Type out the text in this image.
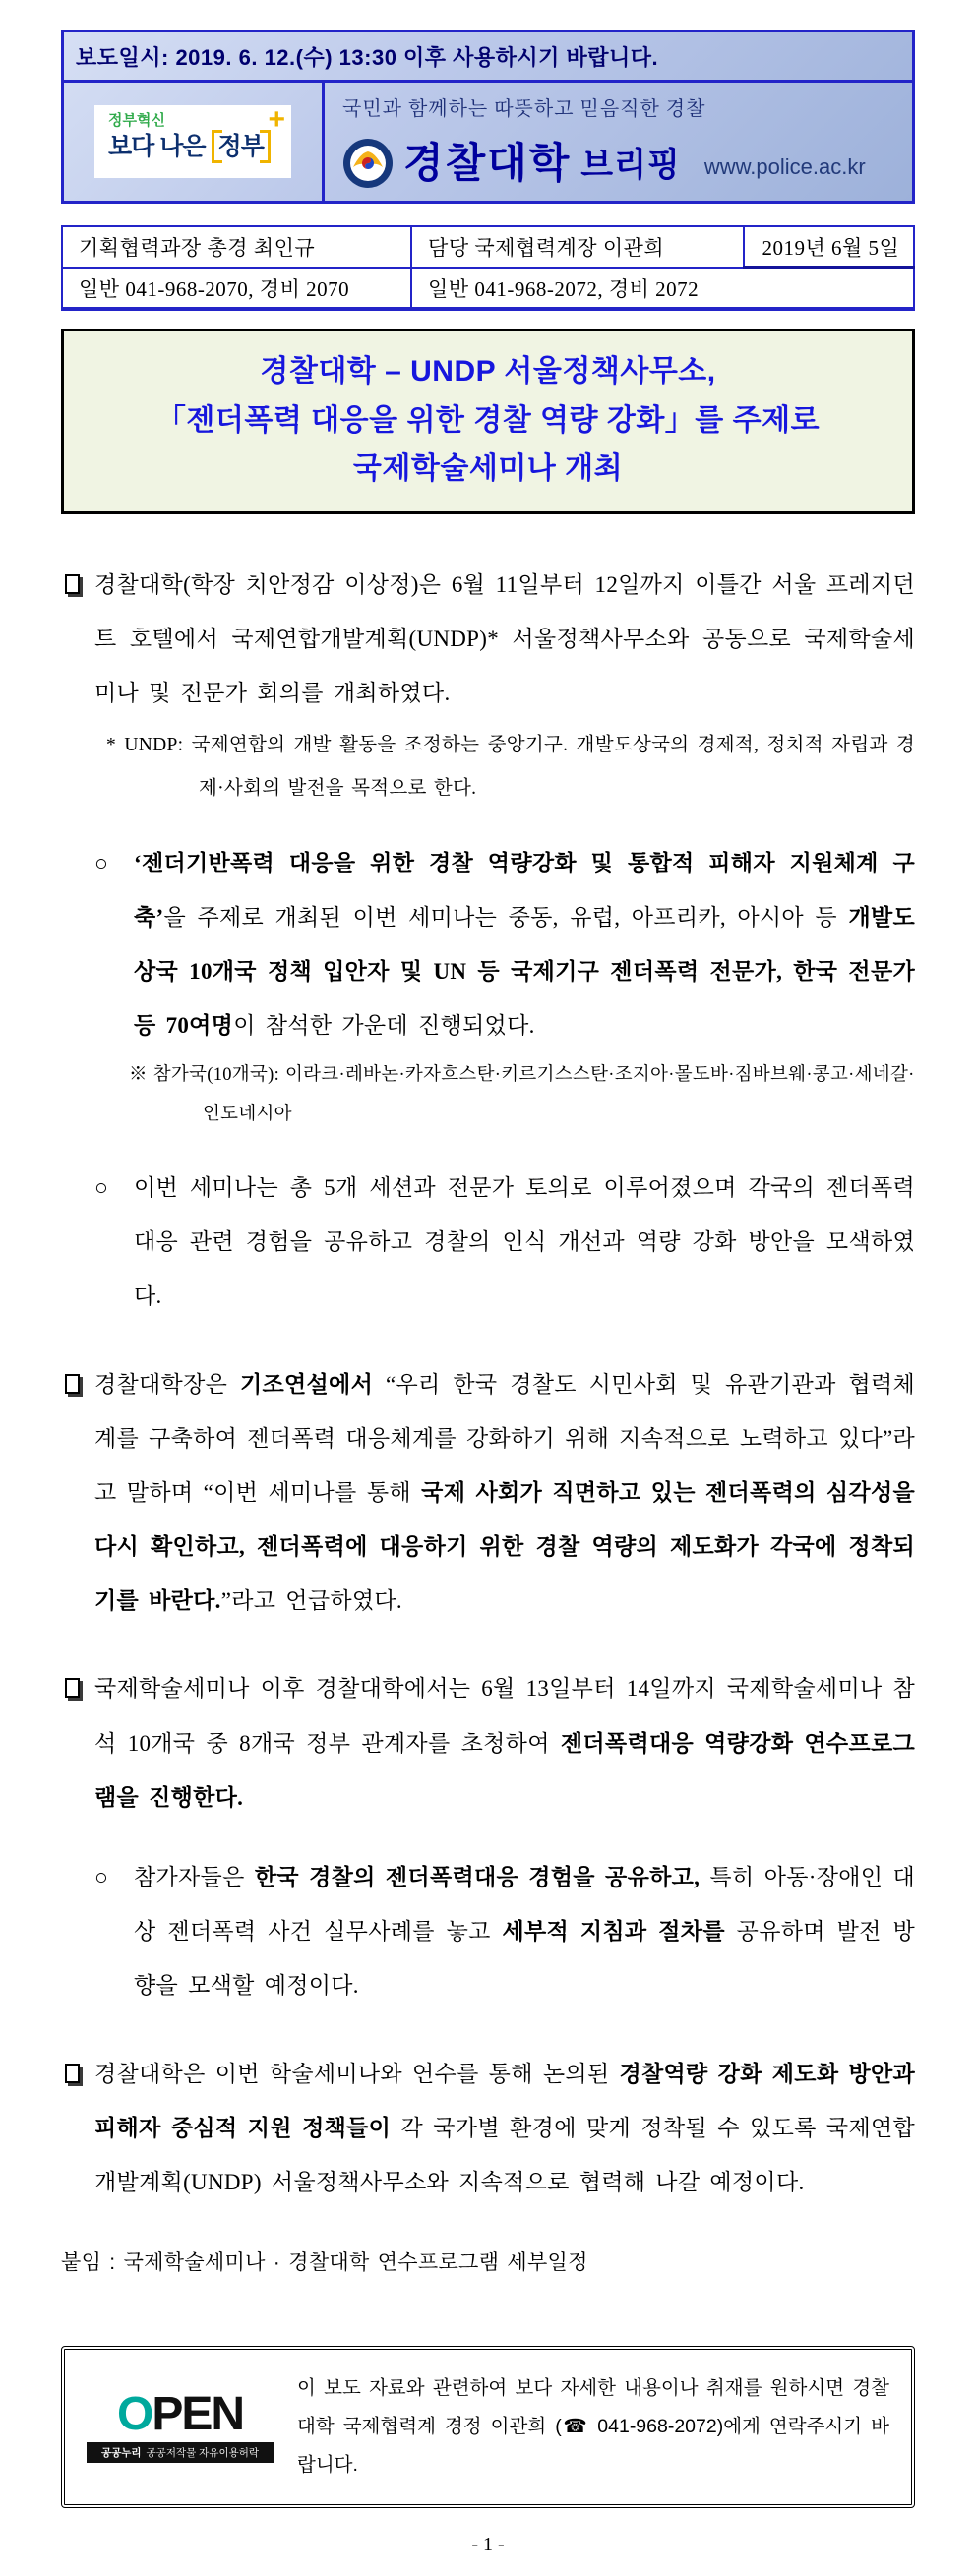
보도일시: 2019. 6. 12.(수) 13:30 이후 사용하시기 바랍니다.
정부혁신
보다 나은 정부
+	국민과 함께하는 따뜻하고 믿음직한 경찰
경찰대학 브리핑 www.police.ac.kr
기획협력과장 총경 최인규	담당 국제협력계장 이관희	2019년 6월 5일
일반 041-968-2070, 경비 2070	일반 041-968-2072, 경비 2072	
경찰대학 – UNDP 서울정책사무소,
「젠더폭력 대응을 위한 경찰 역량 강화」를 주제로
국제학술세미나 개최
경찰대학(학장 치안정감 이상정)은 6월 11일부터 12일까지 이틀간 서울 프레지던트 호텔에서 국제연합개발계획(UNDP)* 서울정책사무소와 공동으로 국제학술세미나 및 전문가 회의를 개최하였다.
* UNDP: 국제연합의 개발 활동을 조정하는 중앙기구. 개발도상국의 경제적, 정치적 자립과 경제·사회의 발전을 목적으로 한다.
○ ‘젠더기반폭력 대응을 위한 경찰 역량강화 및 통합적 피해자 지원체계 구축’을 주제로 개최된 이번 세미나는 중동, 유럽, 아프리카, 아시아 등 개발도상국 10개국 정책 입안자 및 UN 등 국제기구 젠더폭력 전문가, 한국 전문가 등 70여명이 참석한 가운데 진행되었다.
※ 참가국(10개국): 이라크·레바논·카자흐스탄·키르기스스탄·조지아·몰도바·짐바브웨·콩고·세네갈·인도네시아
○ 이번 세미나는 총 5개 세션과 전문가 토의로 이루어졌으며 각국의 젠더폭력 대응 관련 경험을 공유하고 경찰의 인식 개선과 역량 강화 방안을 모색하였다.
경찰대학장은 기조연설에서 “우리 한국 경찰도 시민사회 및 유관기관과 협력체계를 구축하여 젠더폭력 대응체계를 강화하기 위해 지속적으로 노력하고 있다”라고 말하며 “이번 세미나를 통해 국제 사회가 직면하고 있는 젠더폭력의 심각성을 다시 확인하고, 젠더폭력에 대응하기 위한 경찰 역량의 제도화가 각국에 정착되기를 바란다.”라고 언급하였다.
국제학술세미나 이후 경찰대학에서는 6월 13일부터 14일까지 국제학술세미나 참석 10개국 중 8개국 정부 관계자를 초청하여 젠더폭력대응 역량강화 연수프로그램을 진행한다.
○ 참가자들은 한국 경찰의 젠더폭력대응 경험을 공유하고, 특히 아동·장애인 대상 젠더폭력 사건 실무사례를 놓고 세부적 지침과 절차를 공유하며 발전 방향을 모색할 예정이다.
경찰대학은 이번 학술세미나와 연수를 통해 논의된 경찰역량 강화 제도화 방안과 피해자 중심적 지원 정책들이 각 국가별 환경에 맞게 정착될 수 있도록 국제연합개발계획(UNDP) 서울정책사무소와 지속적으로 협력해 나갈 예정이다.
붙임 : 국제학술세미나 · 경찰대학 연수프로그램 세부일정
OPEN
공공누리 공공저작물 자유이용허락
이 보도 자료와 관련하여 보다 자세한 내용이나 취재를 원하시면 경찰대학 국제협력계 경정 이관희 (☎ 041-968-2072)에게 연락주시기 바랍니다.
- 1 -
